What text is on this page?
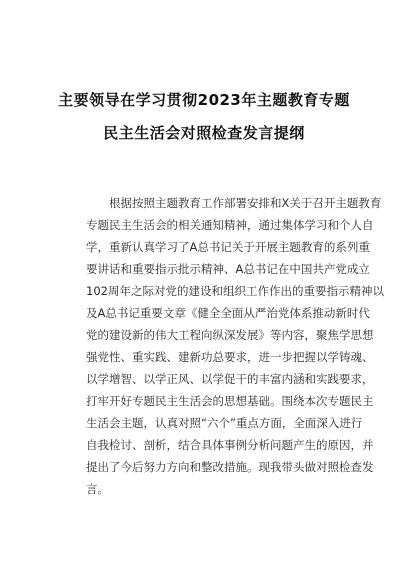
主要领导在学习贯彻2023年主题教育专题
民主生活会对照检查发言提纲
根据按照主题教育工作部署安排和X关于召开主题教育
专题民主生活会的相关通知精神，通过集体学习和个人自
学，重新认真学习了A总书记关于开展主题教育的系列重
要讲话和重要指示批示精神、A总书记在中国共产党成立
102周年之际对党的建设和组织工作作出的重要指示精神以
及A总书记重要文章《健全全面从严治党体系推动新时代
党的建设新的伟大工程向纵深发展》等内容，聚焦学思想
强党性、重实践、建新功总要求，进一步把握以学铸魂、
以学增智、以学正风、以学促干的丰富内涵和实践要求，
打牢开好专题民主生活会的思想基础。围绕本次专题民主
生活会主题，认真对照“六个”重点方面，全面深入进行
自我检讨、剖析，结合具体事例分析问题产生的原因，并
提出了今后努力方向和整改措施。现我带头做对照检查发
言。
